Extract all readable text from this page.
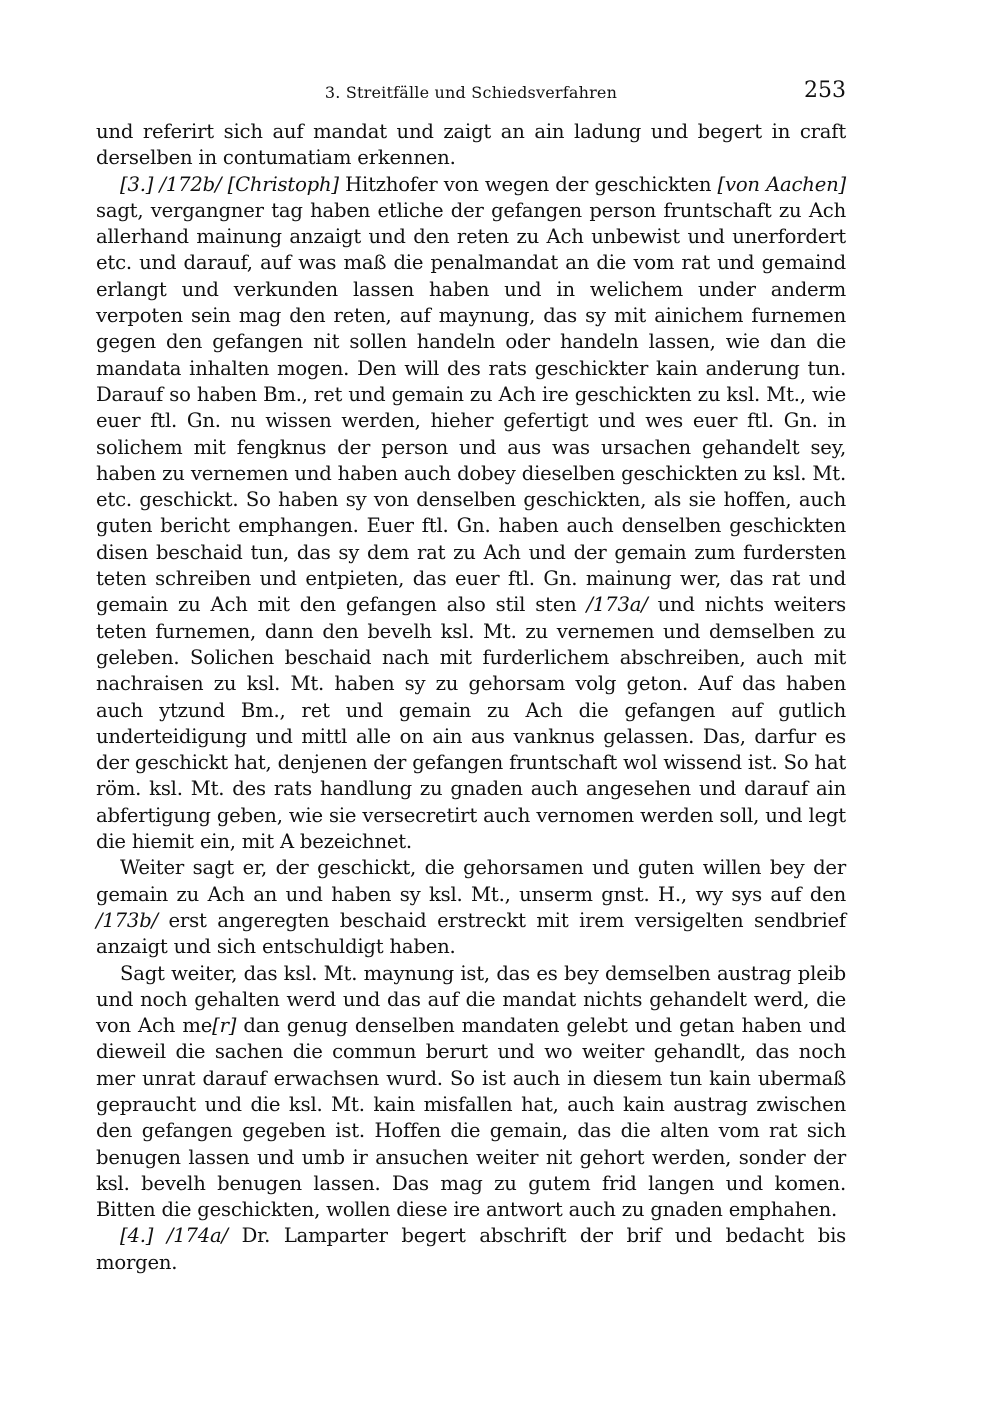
3. Streitfälle und Schiedsverfahren	253

und referirt sich auf mandat und zaigt an ain ladung und begert in craft derselben in contumatiam erkennen.

[3.] /172b/ [Christoph] Hitzhofer von wegen der geschickten [von Aachen] sagt, vergangner tag haben etliche der gefangen person fruntschaft zu Ach allerhand mainung anzaigt und den reten zu Ach unbewist und unerfordert etc. und darauf, auf was maß die penalmandat an die vom rat und gemaind erlangt und verkunden lassen haben und in welichem under anderm verpoten sein mag den reten, auf maynung, das sy mit ainichem furnemen gegen den gefangen nit sollen handeln oder handeln lassen, wie dan die mandata inhalten mogen. Den will des rats geschickter kain anderung tun. Darauf so haben Bm., ret und gemain zu Ach ire geschickten zu ksl. Mt., wie euer ftl. Gn. nu wissen werden, hieher gefertigt und wes euer ftl. Gn. in solichem mit fengknus der person und aus was ursachen gehandelt sey, haben zu vernemen und haben auch dobey dieselben geschickten zu ksl. Mt. etc. geschickt. So haben sy von denselben geschickten, als sie hoffen, auch guten bericht emphangen. Euer ftl. Gn. haben auch denselben geschickten disen beschaid tun, das sy dem rat zu Ach und der gemain zum furdersten teten schreiben und entpieten, das euer ftl. Gn. mainung wer, das rat und gemain zu Ach mit den gefangen also stil sten /173a/ und nichts weiters teten furnemen, dann den bevelh ksl. Mt. zu vernemen und demselben zu geleben. Solichen beschaid nach mit furderlichem abschreiben, auch mit nachraisen zu ksl. Mt. haben sy zu gehorsam volg geton. Auf das haben auch ytzund Bm., ret und gemain zu Ach die gefangen auf gutlich underteidigung und mittl alle on ain aus vanknus gelassen. Das, darfur es der geschickt hat, denjenen der gefangen fruntschaft wol wissend ist. So hat röm. ksl. Mt. des rats handlung zu gnaden auch angesehen und darauf ain abfertigung geben, wie sie versecretirt auch vernomen werden soll, und legt die hiemit ein, mit A bezeichnet.

Weiter sagt er, der geschickt, die gehorsamen und guten willen bey der gemain zu Ach an und haben sy ksl. Mt., unserm gnst. H., wy sys auf den /173b/ erst angeregten beschaid erstreckt mit irem versigelten sendbrief anzaigt und sich entschuldigt haben.

Sagt weiter, das ksl. Mt. maynung ist, das es bey demselben austrag pleib und noch gehalten werd und das auf die mandat nichts gehandelt werd, die von Ach me[r] dan genug denselben mandaten gelebt und getan haben und dieweil die sachen die commun berurt und wo weiter gehandlt, das noch mer unrat darauf erwachsen wurd. So ist auch in diesem tun kain ubermaß gepraucht und die ksl. Mt. kain misfallen hat, auch kain austrag zwischen den gefangen gegeben ist. Hoffen die gemain, das die alten vom rat sich benugen lassen und umb ir ansuchen weiter nit gehort werden, sonder der ksl. bevelh benugen lassen. Das mag zu gutem frid langen und komen. Bitten die geschickten, wollen diese ire antwort auch zu gnaden emphahen.

[4.] /174a/ Dr. Lamparter begert abschrift der brif und bedacht bis morgen.
